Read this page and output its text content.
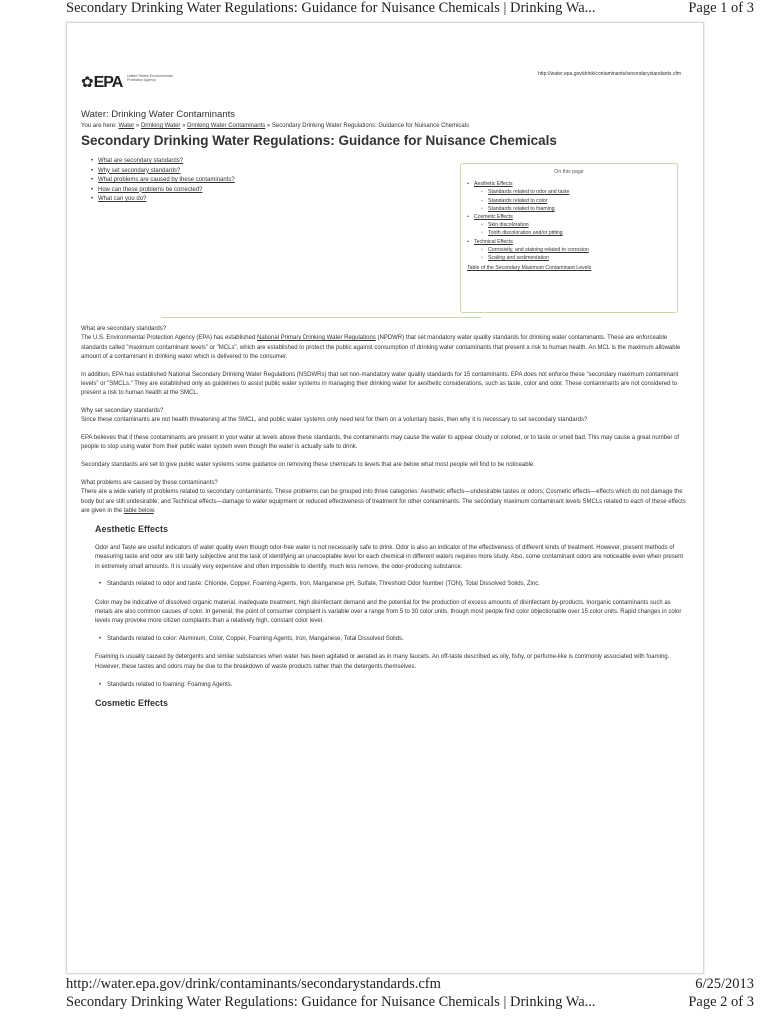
Secondary Drinking Water Regulations: Guidance for Nuisance Chemicals | Drinking Wa...	Page 1 of 3
✿EPA United States Environmental Protection Agency
http://water.epa.gov/drink/contaminants/secondarystandards.cfm
Water: Drinking Water Contaminants
You are here: Water » Drinking Water » Drinking Water Contaminants » Secondary Drinking Water Regulations: Guidance for Nuisance Chemicals
Secondary Drinking Water Regulations: Guidance for Nuisance Chemicals
• What are secondary standards?
• Why set secondary standards?
• What problems are caused by these contaminants?
• How can these problems be corrected?
• What can you do?
On this page
• Aesthetic Effects
◦ Standards related to odor and taste
◦ Standards related to color
◦ Standards related to foaming
• Cosmetic Effects
◦ Skin discoloration
◦ Tooth discoloration and/or pitting
• Technical Effects
◦ Corrosivity, and staining related to corrosion
◦ Scaling and sedimentation
Table of the Secondary Maximum Contaminant Levels

What are secondary standards?

The U.S. Environmental Protection Agency (EPA) has established National Primary Drinking Water Regulations (NPDWR) that set mandatory water quality standards for drinking water contaminants. These are enforceable standards called "maximum contaminant levels" or "MCLs", which are established to protect the public against consumption of drinking water contaminants that present a risk to human health. An MCL is the maximum allowable amount of a contaminant in drinking water which is delivered to the consumer.

In addition, EPA has established National Secondary Drinking Water Regulations (NSDWRs) that set non-mandatory water quality standards for 15 contaminants. EPA does not enforce these "secondary maximum contaminant levels" or "SMCLs." They are established only as guidelines to assist public water systems in managing their drinking water for aesthetic considerations, such as taste, color and odor. These contaminants are not considered to present a risk to human health at the SMCL.

Why set secondary standards?

Since these contaminants are not health threatening at the SMCL, and public water systems only need test for them on a voluntary basis, then why it is necessary to set secondary standards?

EPA believes that if these contaminants are present in your water at levels above these standards, the contaminants may cause the water to appear cloudy or colored, or to taste or smell bad. This may cause a great number of people to stop using water from their public water system even though the water is actually safe to drink.

Secondary standards are set to give public water systems some guidance on removing these chemicals to levels that are below what most people will find to be noticeable.

What problems are caused by these contaminants?

There are a wide variety of problems related to secondary contaminants. These problems can be grouped into three categories: Aesthetic effects—undesirable tastes or odors; Cosmetic effects—effects which do not damage the body but are still undesirable; and Technical effects—damage to water equipment or reduced effectiveness of treatment for other contaminants. The secondary maximum contaminant levels SMCLs related to each of these effects are given in the table below.

Aesthetic Effects

Odor and Taste are useful indicators of water quality even though odor-free water is not necessarily safe to drink. Odor is also an indicator of the effectiveness of different kinds of treatment. However, present methods of measuring taste and odor are still fairly subjective and the task of identifying an unacceptable level for each chemical in different waters requires more study. Also, some contaminant odors are noticeable even when present in extremely small amounts. It is usually very expensive and often impossible to identify, much less remove, the odor-producing substance.

• Standards related to odor and taste: Chloride, Copper, Foaming Agents, Iron, Manganese pH, Sulfate, Threshold Odor Number (TON), Total Dissolved Solids, Zinc.

Color may be indicative of dissolved organic material, inadequate treatment, high disinfectant demand and the potential for the production of excess amounts of disinfectant by-products. Inorganic contaminants such as metals are also common causes of color. In general, the point of consumer complaint is variable over a range from 5 to 30 color units, though most people find color objectionable over 15 color units. Rapid changes in color levels may provoke more citizen complaints than a relatively high, constant color level.

• Standards related to color: Aluminum, Color, Copper, Foaming Agents, Iron, Manganese, Total Dissolved Solids.

Foaming is usually caused by detergents and similar substances when water has been agitated or aerated as in many faucets. An off-taste described as oily, fishy, or perfume-like is commonly associated with foaming. However, these tastes and odors may be due to the breakdown of waste products rather than the detergents themselves.

• Standards related to foaming: Foaming Agents.
Cosmetic Effects
http://water.epa.gov/drink/contaminants/secondarystandards.cfm	6/25/2013
Secondary Drinking Water Regulations: Guidance for Nuisance Chemicals | Drinking Wa...	Page 2 of 3
